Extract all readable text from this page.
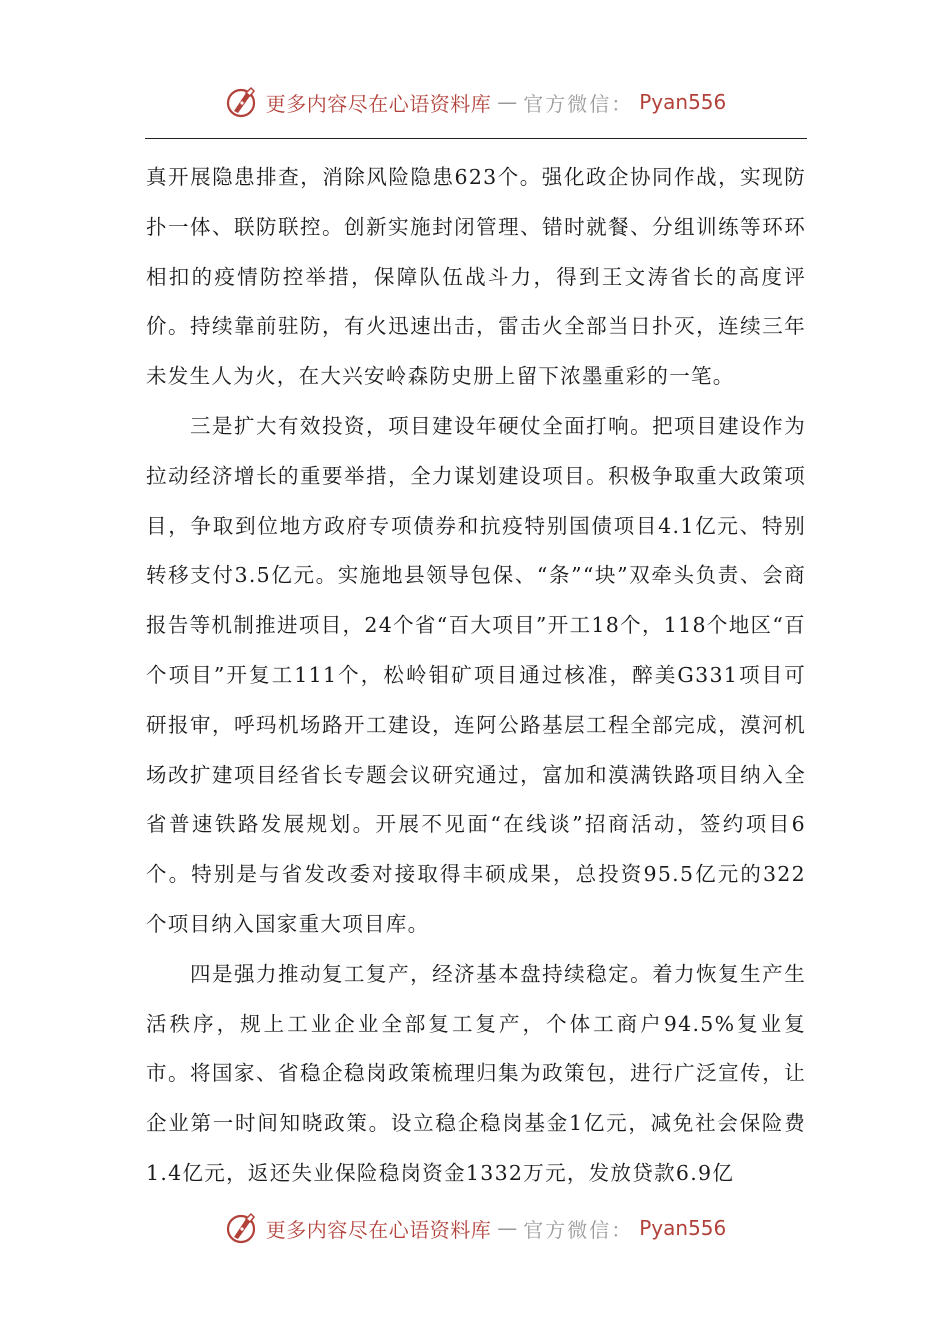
更多内容尽在心语资料库 — 官方微信： Pyan556

真开展隐患排查，消除风险隐患623个。强化政企协同作战，实现防扑一体、联防联控。创新实施封闭管理、错时就餐、分组训练等环环相扣的疫情防控举措，保障队伍战斗力，得到王文涛省长的高度评价。持续靠前驻防，有火迅速出击，雷击火全部当日扑灭，连续三年未发生人为火，在大兴安岭森防史册上留下浓墨重彩的一笔。

三是扩大有效投资，项目建设年硬仗全面打响。把项目建设作为拉动经济增长的重要举措，全力谋划建设项目。积极争取重大政策项目，争取到位地方政府专项债券和抗疫特别国债项目4.1亿元、特别转移支付3.5亿元。实施地县领导包保、“条”“块”双牵头负责、会商报告等机制推进项目，24个省“百大项目”开工18个，118个地区“百个项目”开复工111个，松岭钼矿项目通过核准，醉美G331项目可研报审，呼玛机场路开工建设，连阿公路基层工程全部完成，漠河机场改扩建项目经省长专题会议研究通过，富加和漠满铁路项目纳入全省普速铁路发展规划。开展不见面“在线谈”招商活动，签约项目6个。特别是与省发改委对接取得丰硕成果，总投资95.5亿元的322个项目纳入国家重大项目库。

四是强力推动复工复产，经济基本盘持续稳定。着力恢复生产生活秩序，规上工业企业全部复工复产，个体工商户94.5%复业复市。将国家、省稳企稳岗政策梳理归集为政策包，进行广泛宣传，让企业第一时间知晓政策。设立稳企稳岗基金1亿元，减免社会保险费1.4亿元，返还失业保险稳岗资金1332万元，发放贷款6.9亿

更多内容尽在心语资料库 — 官方微信： Pyan556
